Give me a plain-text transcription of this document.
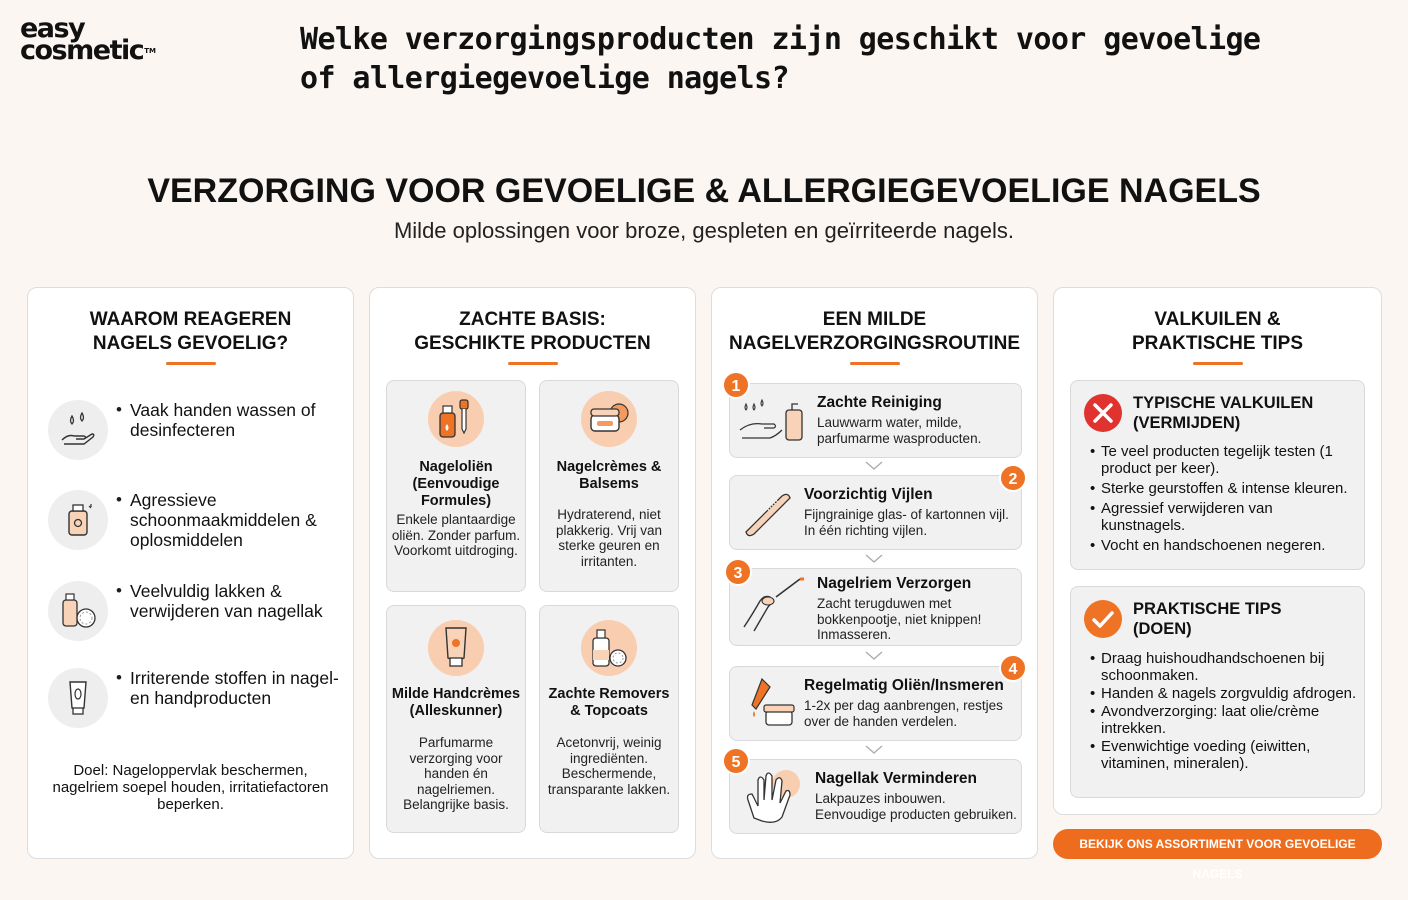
easy
cosmetic™	Welke verzorgingsproducten zijn geschikt voor gevoelige of allergiegevoelige nagels?
VERZORGING VOOR GEVOELIGE & ALLERGIEGEVOELIGE NAGELS
Milde oplossingen voor broze, gespleten en geïrriteerde nagels.
WAAROM REAGEREN
NAGELS GEVOELIG?
• Vaak handen wassen of desinfecteren
• Agressieve schoonmaakmiddelen & oplosmiddelen
• Veelvuldig lakken & verwijderen van nagellak
• Irriterende stoffen in nagel- en handproducten
Doel: Nageloppervlak beschermen, nagelriem soepel houden, irritatiefactoren beperken.
ZACHTE BASIS:
GESCHIKTE PRODUCTEN
Nageloliën (Eenvoudige Formules)
Enkele plantaardige oliën. Zonder parfum. Voorkomt uitdroging.
Nagelcrèmes & Balsems
Hydraterend, niet plakkerig. Vrij van sterke geuren en irritanten.
Milde Handcrèmes (Alleskunner)
Parfumarme verzorging voor handen én nagelriemen. Belangrijke basis.
Zachte Removers & Topcoats
Acetonvrij, weinig ingrediënten. Beschermende, transparante lakken.
EEN MILDE
NAGELVERZORGINGSROUTINE
Zachte Reiniging
Lauwwarm water, milde, parfumarme wasproducten.
1
Voorzichtig Vijlen
Fijngrainige glas- of kartonnen vijl. In één richting vijlen.
2
Nagelriem Verzorgen
Zacht terugduwen met bokkenpootje, niet knippen! Inmasseren.
3
Regelmatig Oliën/Insmeren
1-2x per dag aanbrengen, restjes over de handen verdelen.
4
Nagellak Verminderen
Lakpauzes inbouwen. Eenvoudige producten gebruiken.
5
VALKUILEN &
PRAKTISCHE TIPS
TYPISCHE VALKUILEN
(VERMIJDEN)
• Te veel producten tegelijk testen (1 product per keer).
• Sterke geurstoffen & intense kleuren.
• Agressief verwijderen van kunstnagels.
• Vocht en handschoenen negeren.
PRAKTISCHE TIPS
(DOEN)
• Draag huishoudhandschoenen bij schoonmaken.
• Handen & nagels zorgvuldig afdrogen.
• Avondverzorging: laat olie/crème intrekken.
• Evenwichtige voeding (eiwitten, vitaminen, mineralen).
BEKIJK ONS ASSORTIMENT VOOR GEVOELIGE NAGELS
